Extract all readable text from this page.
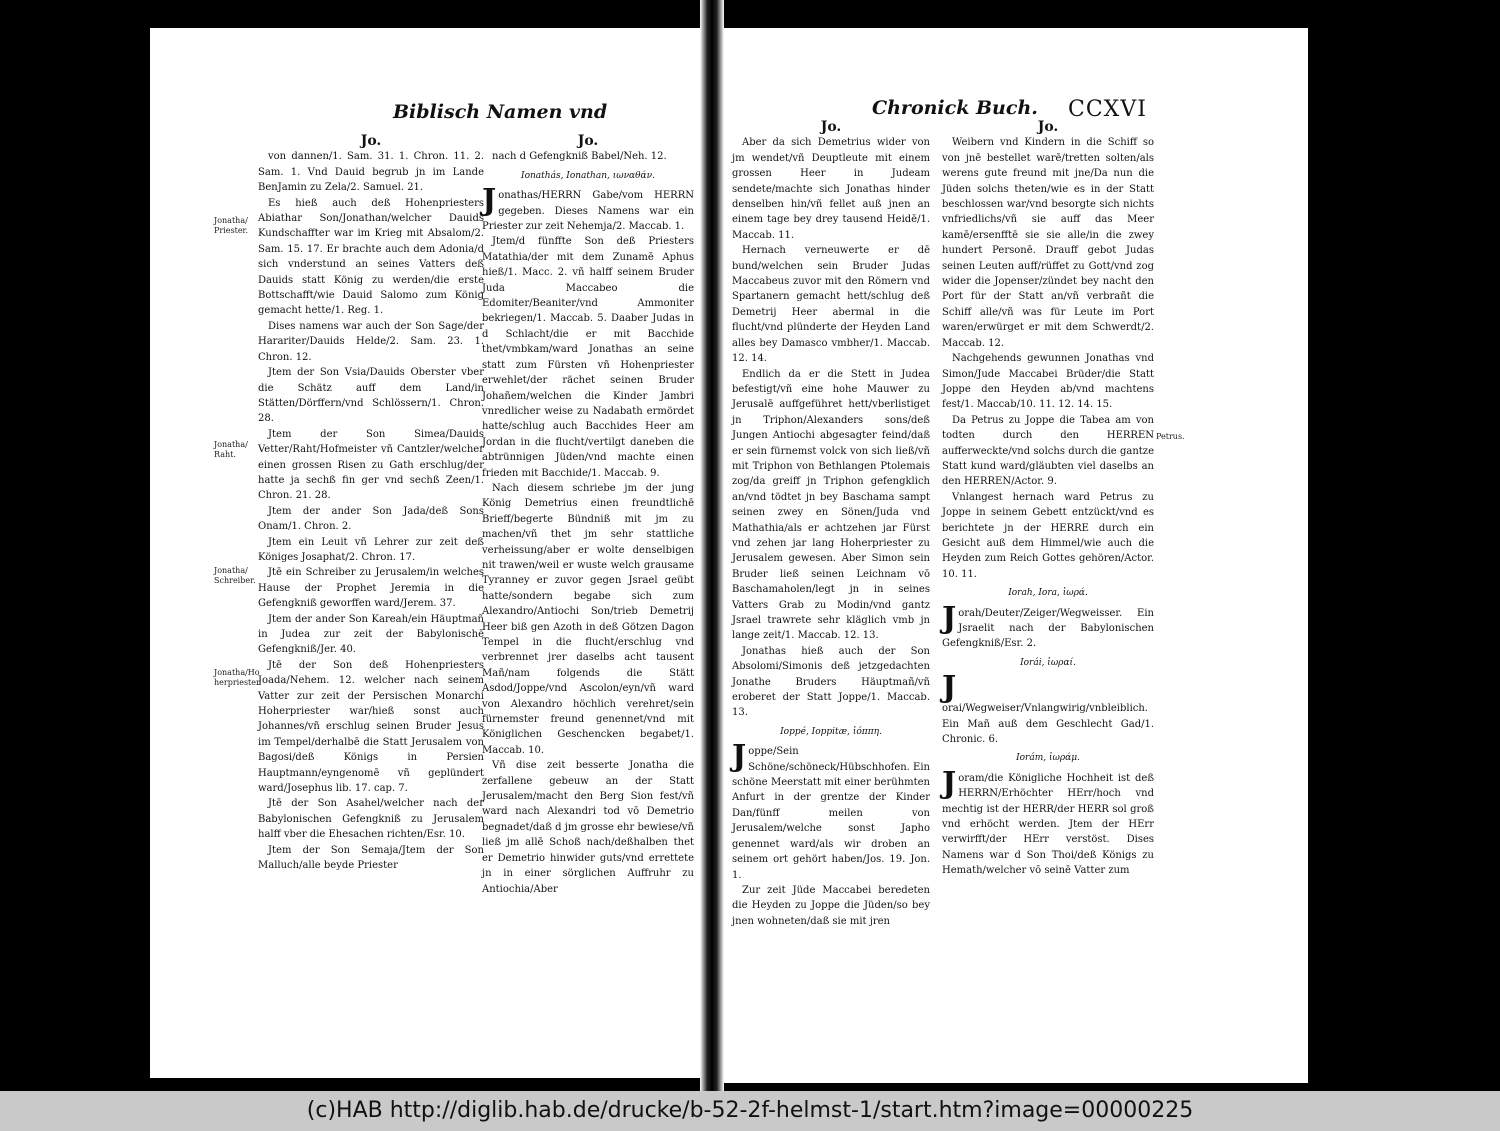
Biblisch Namen vnd
Jo.

von dannen/1. Sam. 31. 1. Chron. 11. 2. Sam. 1. Vnd Dauid begrub jn im Lande BenJamin zu Zela/2. Samuel. 21.

Es hieß auch deß Hohenpriesters Abiathar Son/Jonathan/welcher Dauids Kundschaffter war im Krieg mit Absalom/2. Sam. 15. 17. Er brachte auch dem Adonia/d sich vnderstund an seines Vatters deß Dauids statt König zu werden/die erste Bottschafft/wie Dauid Salomo zum König gemacht hette/1. Reg. 1.

Dises namens war auch der Son Sage/der Harariter/Dauids Helde/2. Sam. 23. 1. Chron. 12.

Jtem der Son Vsia/Dauids Oberster vber die Schätz auff dem Land/in Stätten/Dörffern/vnd Schlössern/1. Chron. 28.

Jtem der Son Simea/Dauids Vetter/Raht/Hofmeister vñ Cantzler/welcher einen grossen Risen zu Gath erschlug/der hatte ja sechß fin ger vnd sechß Zeen/1. Chron. 21. 28.

Jtem der ander Son Jada/deß Sons Onam/1. Chron. 2.

Jtem ein Leuit vñ Lehrer zur zeit deß Königes Josaphat/2. Chron. 17.

Jtē ein Schreiber zu Jerusalem/in welches Hause der Prophet Jeremia in die Gefengkniß geworffen ward/Jerem. 37.

Jtem der ander Son Kareah/ein Häuptmañ in Judea zur zeit der Babylonischē Gefengkniß/Jer. 40.

Jtē der Son deß Hohenpriesters Joada/Nehem. 12. welcher nach seinem Vatter zur zeit der Persischen Monarchi Hoherpriester war/hieß sonst auch Johannes/vñ erschlug seinen Bruder Jesus im Tempel/derhalbē die Statt Jerusalem von Bagosi/deß Königs in Persien Hauptmann/eyngenomē vñ geplündert ward/Josephus lib. 17. cap. 7.

Jtē der Son Asahel/welcher nach der Babylonischen Gefengkniß zu Jerusalem halff vber die Ehesachen richten/Esr. 10.

Jtem der Son Semaja/Jtem der Son Malluch/alle beyde Priester

Jo.

nach d Gefengkniß Babel/Neh. 12.

Ionathás, Ionathan, ιωναθάν.

Jonathas/HERRN Gabe/vom HERRN gegeben. Dieses Namens war ein Priester zur zeit Nehemja/2. Maccab. 1.

Jtem/d fünffte Son deß Priesters Matathia/der mit dem Zunamē Aphus hieß/1. Macc. 2. vñ halff seinem Bruder Juda Maccabeo die Edomiter/Beaniter/vnd Ammoniter bekriegen/1. Maccab. 5. Daaber Judas in d Schlacht/die er mit Bacchide thet/vmbkam/ward Jonathas an seine statt zum Fürsten vñ Hohenpriester erwehlet/der rächet seinen Bruder Johañem/welchen die Kinder Jambri vnredlicher weise zu Nadabath ermördet hatte/schlug auch Bacchides Heer am Jordan in die flucht/vertilgt daneben die abtrünnigen Jüden/vnd machte einen frieden mit Bacchide/1. Maccab. 9.

Nach diesem schriebe jm der jung König Demetrius einen freundtlichē Brieff/begerte Bündniß mit jm zu machen/vñ thet jm sehr stattliche verheissung/aber er wolte denselbigen nit trawen/weil er wuste welch grausame Tyranney er zuvor gegen Jsrael geübt hatte/sondern begabe sich zum Alexandro/Antiochi Son/trieb Demetrij Heer biß gen Azoth in deß Götzen Dagon Tempel in die flucht/erschlug vnd verbrennet jrer daselbs acht tausent Mañ/nam folgends die Stätt Asdod/Joppe/vnd Ascolon/eyn/vñ ward von Alexandro höchlich verehret/sein fürnemster freund genennet/vnd mit Königlichen Geschencken begabet/1. Maccab. 10.

Vñ dise zeit besserte Jonatha die zerfallene gebeuw an der Statt Jerusalem/macht den Berg Sion fest/vñ ward nach Alexandri tod vō Demetrio begnadet/daß d jm grosse ehr bewiese/vñ ließ jm allē Schoß nach/deßhalben thet er Demetrio hinwider guts/vnd errettete jn in einer sörglichen Auffruhr zu Antiochia/Aber

Jonatha/ Priester.
Jonatha/ Raht.
Jonatha/ Schreiber.
Jonatha/Ho herpriester.
Chronick Buch. CCXVI
Jo.

Aber da sich Demetrius wider von jm wendet/vñ Deuptleute mit einem grossen Heer in Judeam sendete/machte sich Jonathas hinder denselben hin/vñ fellet auß jnen an einem tage bey drey tausend Heidē/1. Maccab. 11.

Hernach verneuwerte er dē bund/welchen sein Bruder Judas Maccabeus zuvor mit den Römern vnd Spartanern gemacht hett/schlug deß Demetrij Heer abermal in die flucht/vnd plünderte der Heyden Land alles bey Damasco vmbher/1. Maccab. 12. 14.

Endlich da er die Stett in Judea befestigt/vñ eine hohe Mauwer zu Jerusalē auffgeführet hett/vberlistiget jn Triphon/Alexanders sons/deß Jungen Antiochi abgesagter feind/daß er sein fürnemst volck von sich ließ/vñ mit Triphon von Bethlangen Ptolemais zog/da greiff jn Triphon gefengklich an/vnd tödtet jn bey Baschama sampt seinen zwey en Sönen/Juda vnd Mathathia/als er achtzehen jar Fürst vnd zehen jar lang Hoherpriester zu Jerusalem gewesen. Aber Simon sein Bruder ließ seinen Leichnam vō Baschamaholen/legt jn in seines Vatters Grab zu Modin/vnd gantz Jsrael trawrete sehr kläglich vmb jn lange zeit/1. Maccab. 12. 13.

Jonathas hieß auch der Son Absolomi/Simonis deß jetzgedachten Jonathe Bruders Häuptmañ/vñ eroberet der Statt Joppe/1. Maccab. 13.

Ioppé, Ioppitæ, ἰόππη.

Joppe/Sein Schöne/schöneck/Hübschhofen. Ein schöne Meerstatt mit einer berühmten Anfurt in der grentze der Kinder Dan/fünff meilen von Jerusalem/welche sonst Japho genennet ward/als wir droben an seinem ort gehört haben/Jos. 19. Jon. 1.

Zur zeit Jüde Maccabei beredeten die Heyden zu Joppe die Jüden/so bey jnen wohneten/daß sie mit jren

Jo.

Weibern vnd Kindern in die Schiff so von jnē bestellet warē/tretten solten/als werens gute freund mit jne/Da nun die Jüden solchs theten/wie es in der Statt beschlossen war/vnd besorgte sich nichts vnfriedlichs/vñ sie auff das Meer kamē/ersenfftē sie sie alle/in die zwey hundert Personē. Drauff gebot Judas seinen Leuten auff/rüffet zu Gott/vnd zog wider die Jopenser/zündet bey nacht den Port für der Statt an/vñ verbrañt die Schiff alle/vñ was für Leute im Port waren/erwürget er mit dem Schwerdt/2. Maccab. 12.

Nachgehends gewunnen Jonathas vnd Simon/Jude Maccabei Brüder/die Statt Joppe den Heyden ab/vnd machtens fest/1. Maccab/10. 11. 12. 14. 15.

Da Petrus zu Joppe die Tabea am von todten durch den HERREN aufferweckte/vnd solchs durch die gantze Statt kund ward/gläubten viel daselbs an den HERREN/Actor. 9.

Vnlangest hernach ward Petrus zu Joppe in seinem Gebett entzückt/vnd es berichtete jn der HERRE durch ein Gesicht auß dem Himmel/wie auch die Heyden zum Reich Gottes gehören/Actor. 10. 11.

Iorah, Iora, ἰωρά.

Jorah/Deuter/Zeiger/Wegweisser. Ein Jsraelit nach der Babylonischen Gefengkniß/Esr. 2.

Iorái, ἰωραί.

Jorai/Wegweiser/Vnlangwirig/vnbleiblich. Ein Mañ auß dem Geschlecht Gad/1. Chronic. 6.

Iorám, ἰωράμ.

Joram/die Königliche Hochheit ist deß HERRN/Erhöchter HErr/hoch vnd mechtig ist der HERR/der HERR sol groß vnd erhöcht werden. Jtem der HErr verwirfft/der HErr verstöst. Dises Namens war d Son Thoi/deß Königs zu Hemath/welcher vō seinē Vatter zum

Petrus.
(c)HAB http://diglib.hab.de/drucke/b-52-2f-helmst-1/start.htm?image=00000225
